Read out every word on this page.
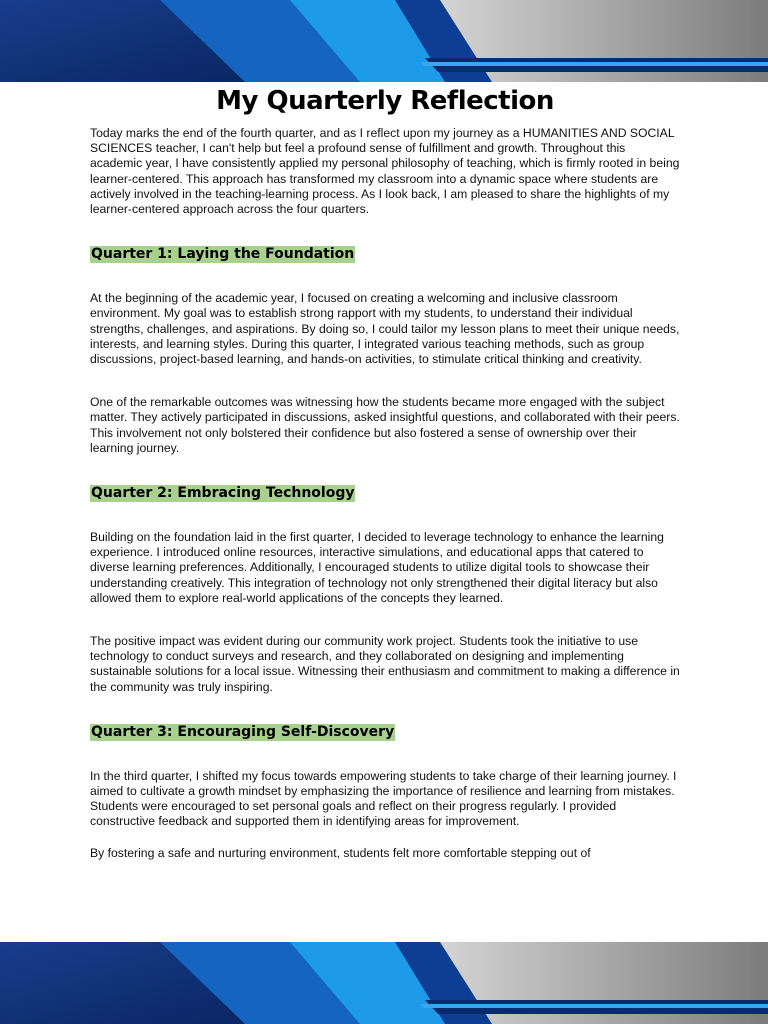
My Quarterly Reflection

Today marks the end of the fourth quarter, and as I reflect upon my journey as a HUMANITIES AND SOCIAL SCIENCES teacher, I can't help but feel a profound sense of fulfillment and growth. Throughout this academic year, I have consistently applied my personal philosophy of teaching, which is firmly rooted in being learner-centered. This approach has transformed my classroom into a dynamic space where students are actively involved in the teaching-learning process. As I look back, I am pleased to share the highlights of my learner-centered approach across the four quarters.

Quarter 1: Laying the Foundation

At the beginning of the academic year, I focused on creating a welcoming and inclusive classroom environment. My goal was to establish strong rapport with my students, to understand their individual strengths, challenges, and aspirations. By doing so, I could tailor my lesson plans to meet their unique needs, interests, and learning styles. During this quarter, I integrated various teaching methods, such as group discussions, project-based learning, and hands-on activities, to stimulate critical thinking and creativity.

One of the remarkable outcomes was witnessing how the students became more engaged with the subject matter. They actively participated in discussions, asked insightful questions, and collaborated with their peers. This involvement not only bolstered their confidence but also fostered a sense of ownership over their learning journey.

Quarter 2: Embracing Technology

Building on the foundation laid in the first quarter, I decided to leverage technology to enhance the learning experience. I introduced online resources, interactive simulations, and educational apps that catered to diverse learning preferences. Additionally, I encouraged students to utilize digital tools to showcase their understanding creatively. This integration of technology not only strengthened their digital literacy but also allowed them to explore real-world applications of the concepts they learned.

The positive impact was evident during our community work project. Students took the initiative to use technology to conduct surveys and research, and they collaborated on designing and implementing sustainable solutions for a local issue. Witnessing their enthusiasm and commitment to making a difference in the community was truly inspiring.

Quarter 3: Encouraging Self-Discovery

In the third quarter, I shifted my focus towards empowering students to take charge of their learning journey. I aimed to cultivate a growth mindset by emphasizing the importance of resilience and learning from mistakes. Students were encouraged to set personal goals and reflect on their progress regularly. I provided constructive feedback and supported them in identifying areas for improvement.

By fostering a safe and nurturing environment, students felt more comfortable stepping out of
